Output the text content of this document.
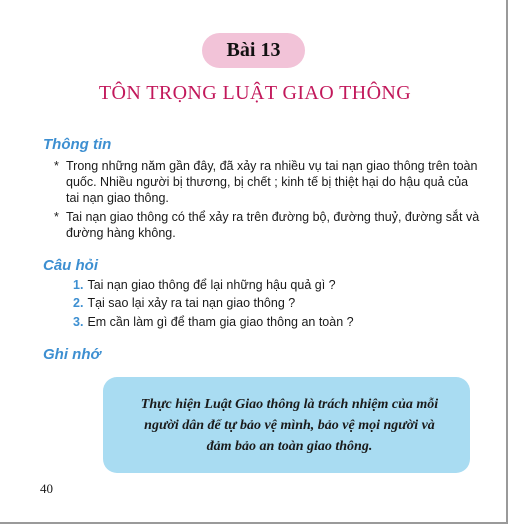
Bài 13
TÔN TRỌNG LUẬT GIAO THÔNG
Thông tin
* Trong những năm gần đây, đã xảy ra nhiều vụ tai nạn giao thông trên toàn quốc. Nhiều người bị thương, bị chết ; kinh tế bị thiệt hại do hậu quả của tai nạn giao thông.
* Tai nạn giao thông có thể xảy ra trên đường bộ, đường thuỷ, đường sắt và đường hàng không.
Câu hỏi
1. Tai nạn giao thông để lại những hậu quả gì ?
2. Tại sao lại xảy ra tai nạn giao thông ?
3. Em cần làm gì để tham gia giao thông an toàn ?
Ghi nhớ
Thực hiện Luật Giao thông là trách nhiệm của mỗi người dân để tự bảo vệ mình, bảo vệ mọi người và đảm bảo an toàn giao thông.
40
